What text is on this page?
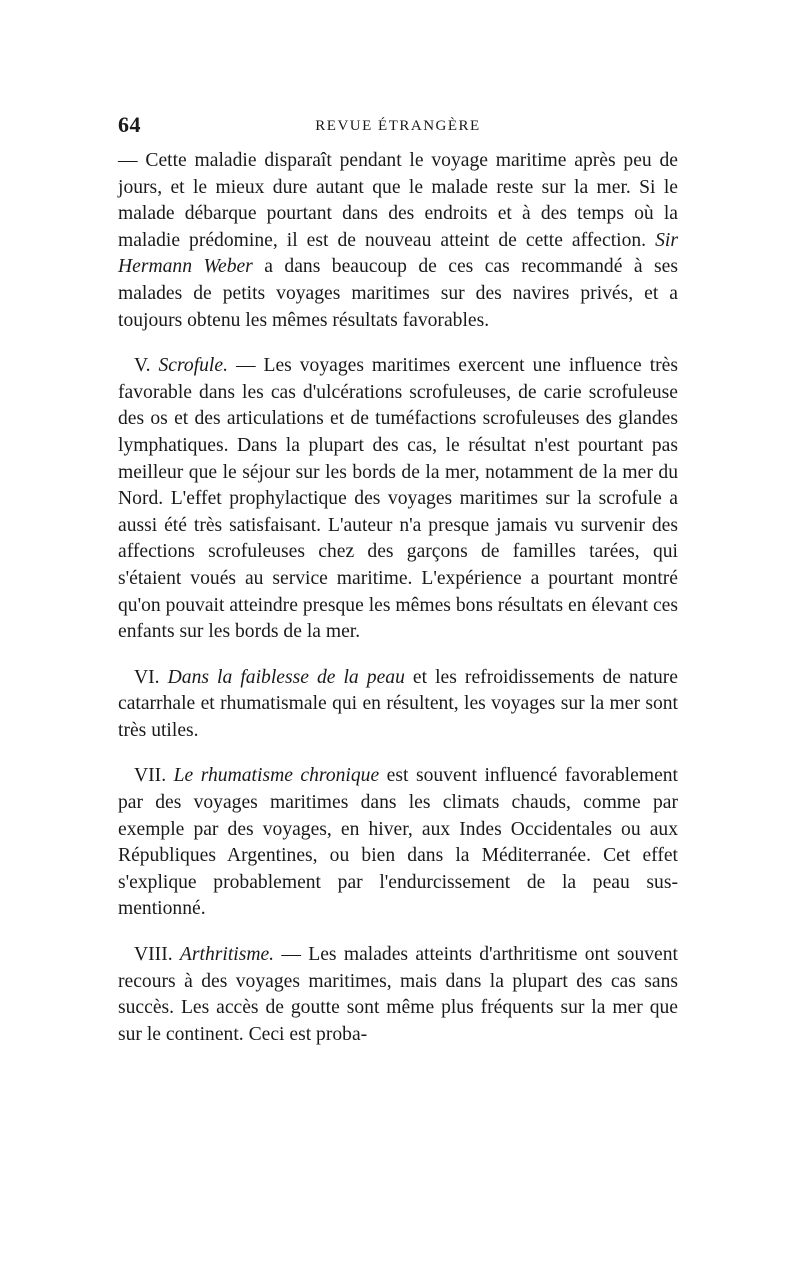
64	REVUE ÉTRANGÈRE

— Cette maladie disparaît pendant le voyage maritime après peu de jours, et le mieux dure autant que le malade reste sur la mer. Si le malade débarque pourtant dans des endroits et à des temps où la maladie prédomine, il est de nouveau atteint de cette affection. Sir Hermann Weber a dans beaucoup de ces cas recommandé à ses malades de petits voyages maritimes sur des navires privés, et a toujours obtenu les mêmes résultats favorables.

V. Scrofule. — Les voyages maritimes exercent une influence très favorable dans les cas d'ulcérations scrofuleuses, de carie scrofuleuse des os et des articulations et de tuméfactions scrofuleuses des glandes lymphatiques. Dans la plupart des cas, le résultat n'est pourtant pas meilleur que le séjour sur les bords de la mer, notamment de la mer du Nord. L'effet prophylactique des voyages maritimes sur la scrofule a aussi été très satisfaisant. L'auteur n'a presque jamais vu survenir des affections scrofuleuses chez des garçons de familles tarées, qui s'étaient voués au service maritime. L'expérience a pourtant montré qu'on pouvait atteindre presque les mêmes bons résultats en élevant ces enfants sur les bords de la mer.

VI. Dans la faiblesse de la peau et les refroidissements de nature catarrhale et rhumatismale qui en résultent, les voyages sur la mer sont très utiles.

VII. Le rhumatisme chronique est souvent influencé favorablement par des voyages maritimes dans les climats chauds, comme par exemple par des voyages, en hiver, aux Indes Occidentales ou aux Républiques Argentines, ou bien dans la Méditerranée. Cet effet s'explique probablement par l'endurcissement de la peau sus-mentionné.

VIII. Arthritisme. — Les malades atteints d'arthritisme ont souvent recours à des voyages maritimes, mais dans la plupart des cas sans succès. Les accès de goutte sont même plus fréquents sur la mer que sur le continent. Ceci est proba-
